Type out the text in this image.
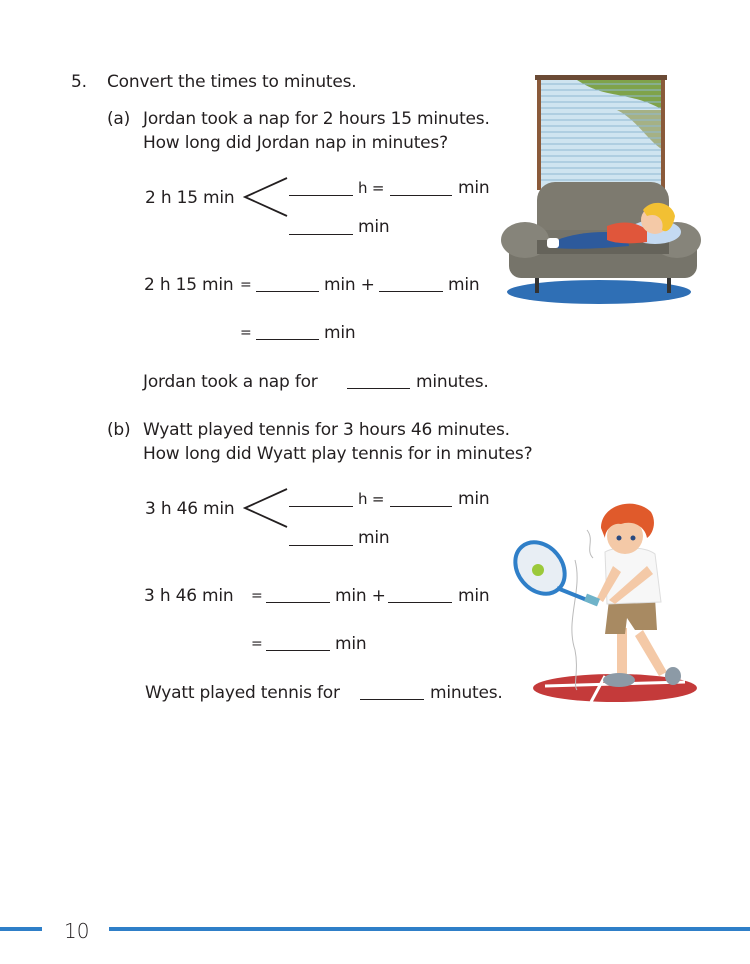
5. Convert the times to minutes.
(a) Jordan took a nap for 2 hours 15 minutes.
How long did Jordan nap in minutes?
2 h 15 min	h =	min
min
2 h 15 min =	min +	min
=	min
Jordan took a nap for	minutes.
(b) Wyatt played tennis for 3 hours 46 minutes.
How long did Wyatt play tennis for in minutes?
3 h 46 min	h =	min
min
3 h 46 min =	min +	min
=	min
Wyatt played tennis for	minutes.
10
